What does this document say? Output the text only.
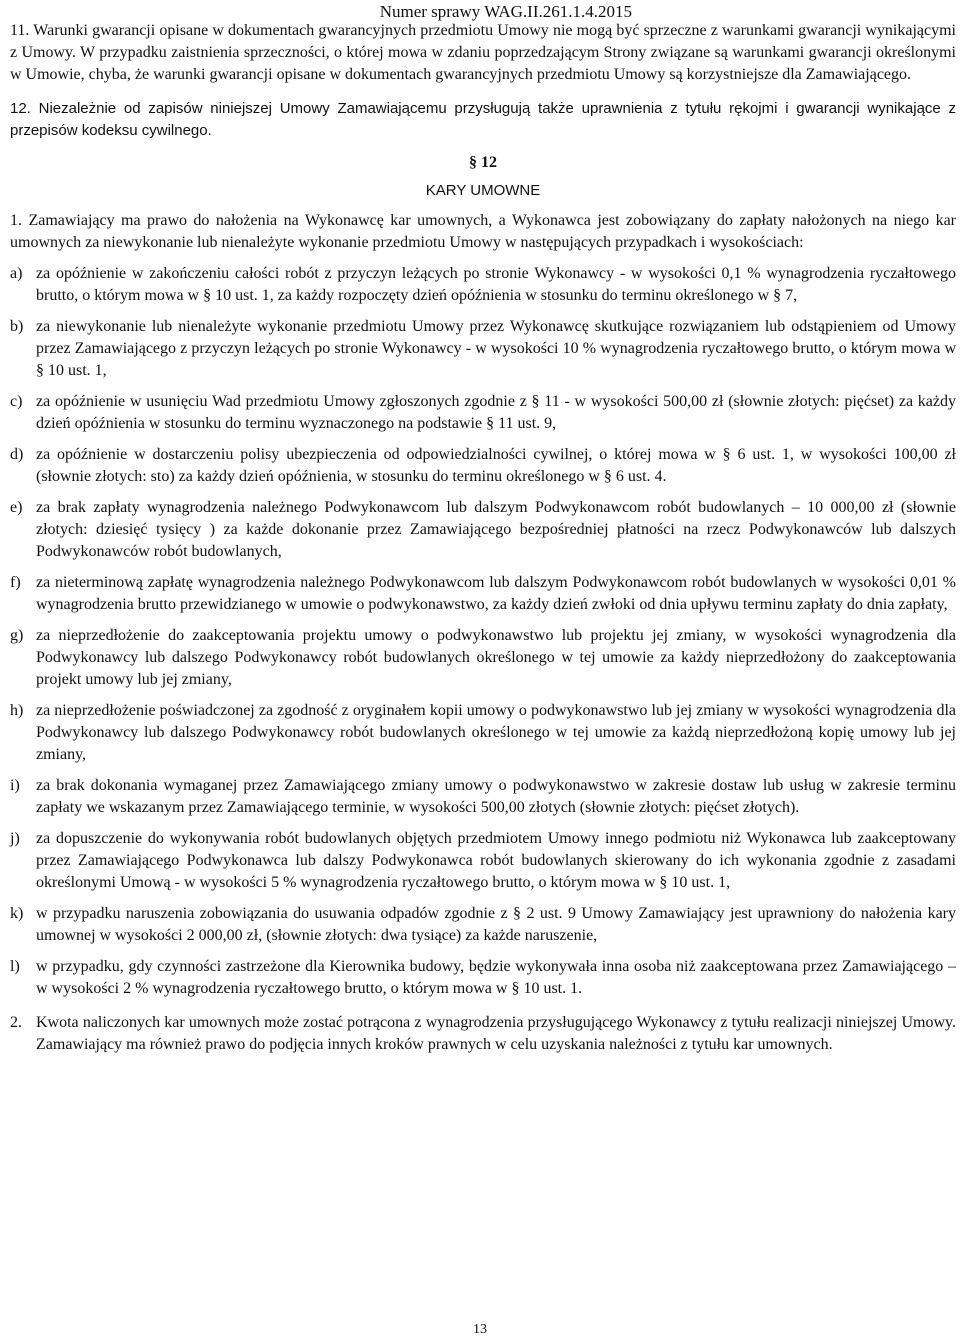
Numer sprawy WAG.II.261.1.4.2015

11. Warunki gwarancji opisane w dokumentach gwarancyjnych przedmiotu Umowy nie mogą być sprzeczne z warunkami gwarancji wynikającymi z Umowy. W przypadku zaistnienia sprzeczności, o której mowa w zdaniu poprzedzającym Strony związane są warunkami gwarancji określonymi w Umowie, chyba, że warunki gwarancji opisane w dokumentach gwarancyjnych przedmiotu Umowy są korzystniejsze dla Zamawiającego.

12. Niezależnie od zapisów niniejszej Umowy Zamawiającemu przysługują także uprawnienia z tytułu rękojmi i gwarancji wynikające z przepisów kodeksu cywilnego.

§ 12
KARY UMOWNE

1. Zamawiający ma prawo do nałożenia na Wykonawcę kar umownych, a Wykonawca jest zobowiązany do zapłaty nałożonych na niego kar umownych za niewykonanie lub nienależyte wykonanie przedmiotu Umowy w następujących przypadkach i wysokościach:

a) za opóźnienie w zakończeniu całości robót z przyczyn leżących po stronie Wykonawcy - w wysokości 0,1 % wynagrodzenia ryczałtowego brutto, o którym mowa w § 10 ust. 1, za każdy rozpoczęty dzień opóźnienia w stosunku do terminu określonego w § 7,
b) za niewykonanie lub nienależyte wykonanie przedmiotu Umowy przez Wykonawcę skutkujące rozwiązaniem lub odstąpieniem od Umowy przez Zamawiającego z przyczyn leżących po stronie Wykonawcy - w wysokości 10 % wynagrodzenia ryczałtowego brutto, o którym mowa w § 10 ust. 1,
c) za opóźnienie w usunięciu Wad przedmiotu Umowy zgłoszonych zgodnie z § 11 - w wysokości 500,00 zł (słownie złotych: pięćset) za każdy dzień opóźnienia w stosunku do terminu wyznaczonego na podstawie § 11 ust. 9,
d) za opóźnienie w dostarczeniu polisy ubezpieczenia od odpowiedzialności cywilnej, o której mowa w § 6 ust. 1, w wysokości 100,00 zł (słownie złotych: sto) za każdy dzień opóźnienia, w stosunku do terminu określonego w § 6 ust. 4.
e) za brak zapłaty wynagrodzenia należnego Podwykonawcom lub dalszym Podwykonawcom robót budowlanych – 10 000,00 zł (słownie złotych: dziesięć tysięcy ) za każde dokonanie przez Zamawiającego bezpośredniej płatności na rzecz Podwykonawców lub dalszych Podwykonawców robót budowlanych,
f) za nieterminową zapłatę wynagrodzenia należnego Podwykonawcom lub dalszym Podwykonawcom robót budowlanych w wysokości 0,01 % wynagrodzenia brutto przewidzianego w umowie o podwykonawstwo, za każdy dzień zwłoki od dnia upływu terminu zapłaty do dnia zapłaty,
g) za nieprzedłożenie do zaakceptowania projektu umowy o podwykonawstwo lub projektu jej zmiany, w wysokości wynagrodzenia dla Podwykonawcy lub dalszego Podwykonawcy robót budowlanych określonego w tej umowie za każdy nieprzedłożony do zaakceptowania projekt umowy lub jej zmiany,
h) za nieprzedłożenie poświadczonej za zgodność z oryginałem kopii umowy o podwykonawstwo lub jej zmiany w wysokości wynagrodzenia dla Podwykonawcy lub dalszego Podwykonawcy robót budowlanych określonego w tej umowie za każdą nieprzedłożoną kopię umowy lub jej zmiany,
i)	za brak dokonania wymaganej przez Zamawiającego zmiany umowy o podwykonawstwo w zakresie dostaw lub usług w zakresie terminu zapłaty we wskazanym przez Zamawiającego terminie, w wysokości 500,00 złotych (słownie złotych: pięćset złotych).
j)	za dopuszczenie do wykonywania robót budowlanych objętych przedmiotem Umowy innego podmiotu niż Wykonawca lub zaakceptowany przez Zamawiającego Podwykonawca lub dalszy Podwykonawca robót budowlanych skierowany do ich wykonania zgodnie z zasadami określonymi Umową - w wysokości 5 % wynagrodzenia ryczałtowego brutto, o którym mowa w § 10 ust. 1,
k) w przypadku naruszenia zobowiązania do usuwania odpadów zgodnie z § 2 ust. 9 Umowy Zamawiający jest uprawniony do nałożenia kary umownej w wysokości 2 000,00 zł, (słownie złotych: dwa tysiące) za każde naruszenie,
l)	w przypadku, gdy czynności zastrzeżone dla Kierownika budowy, będzie wykonywała inna osoba niż zaakceptowana przez Zamawiającego – w wysokości 2 % wynagrodzenia ryczałtowego brutto, o którym mowa w § 10 ust. 1.
2. Kwota naliczonych kar umownych może zostać potrącona z wynagrodzenia przysługującego Wykonawcy z tytułu realizacji niniejszej Umowy. Zamawiający ma również prawo do podjęcia innych kroków prawnych w celu uzyskania należności z tytułu kar umownych.
13
